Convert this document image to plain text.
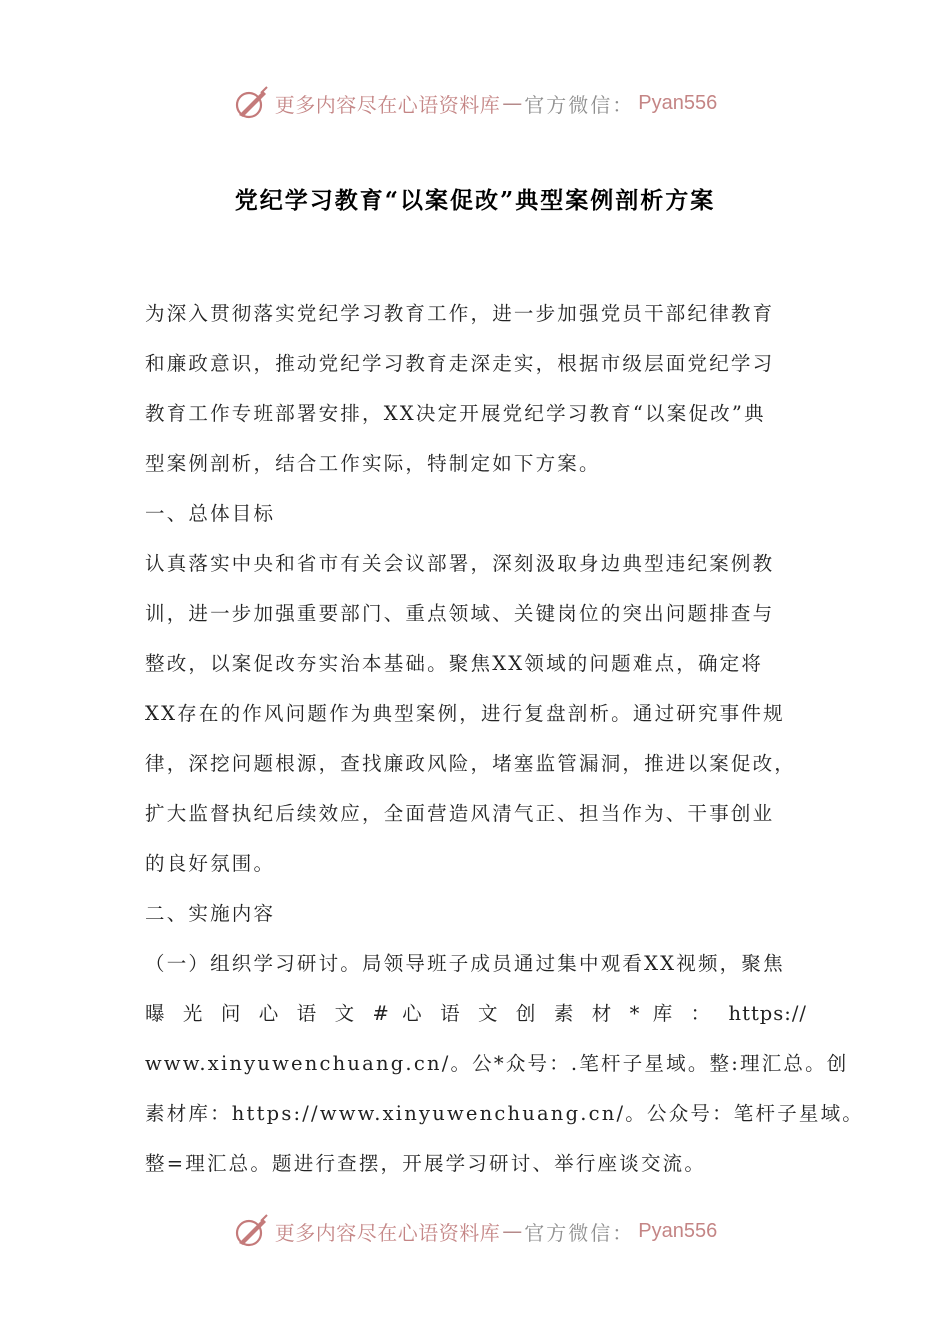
更多内容尽在心语资料库 — 官方微信： Pyan556
党纪学习教育“以案促改”典型案例剖析方案
为深入贯彻落实党纪学习教育工作，进一步加强党员干部纪律教育
和廉政意识，推动党纪学习教育走深走实，根据市级层面党纪学习
教育工作专班部署安排，XX决定开展党纪学习教育“以案促改”典
型案例剖析，结合工作实际，特制定如下方案。
一、总体目标
认真落实中央和省市有关会议部署，深刻汲取身边典型违纪案例教
训，进一步加强重要部门、重点领域、关键岗位的突出问题排查与
整改，以案促改夯实治本基础。聚焦XX领域的问题难点，确定将
XX存在的作风问题作为典型案例，进行复盘剖析。通过研究事件规
律，深挖问题根源，查找廉政风险，堵塞监管漏洞，推进以案促改，
扩大监督执纪后续效应，全面营造风清气正、担当作为、干事创业
的良好氛围。
二、实施内容
（一）组织学习研讨。局领导班子成员通过集中观看XX视频，聚焦
曝 光 问 心 语 文 # 心 语 文 创 素 材 * 库 ： https://
www.xinyuwenchuang.cn/。公*众号：.笔杆子星域。整:理汇总。创
素材库：https://www.xinyuwenchuang.cn/。公众号：笔杆子星域。
整=理汇总。题进行查摆，开展学习研讨、举行座谈交流。
更多内容尽在心语资料库 — 官方微信： Pyan556
